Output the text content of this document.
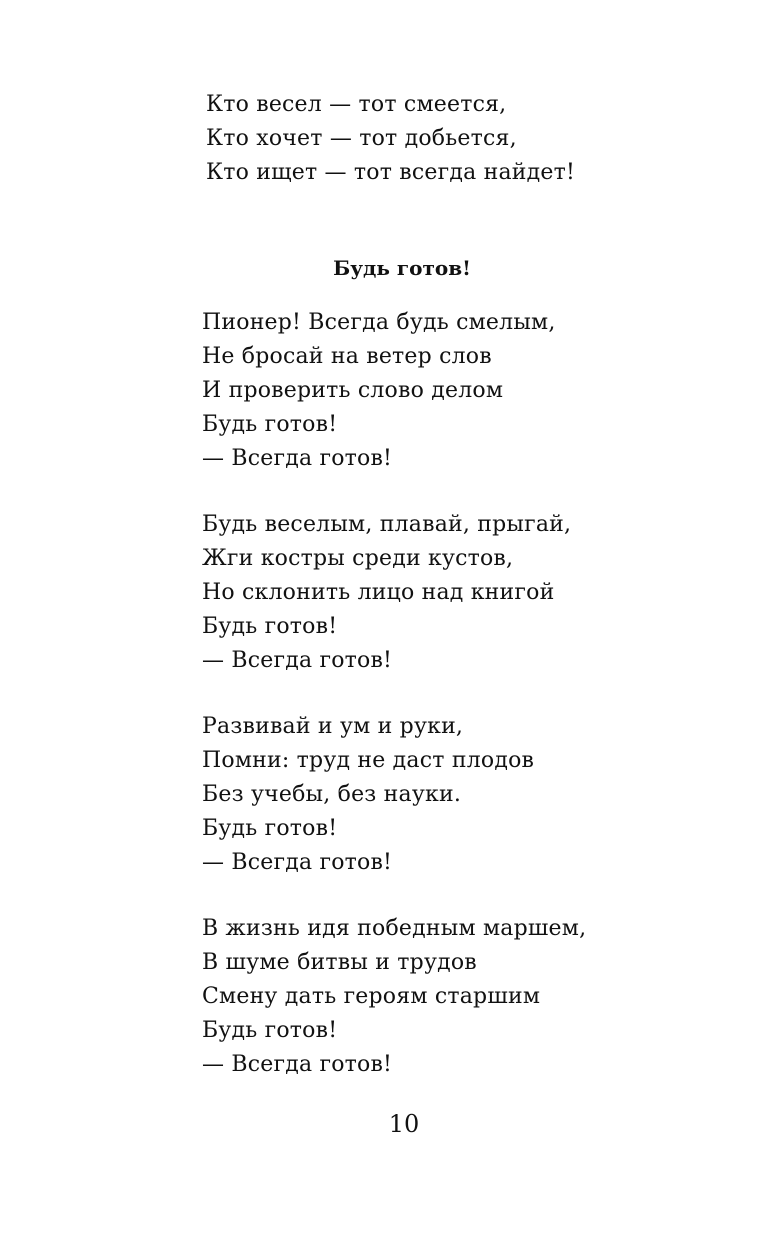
Кто весел — тот смеется,
Кто хочет — тот добьется,
Кто ищет — тот всегда найдет!
Будь готов!
Пионер! Всегда будь смелым,
Не бросай на ветер слов
И проверить слово делом
Будь готов!
— Всегда готов!
Будь веселым, плавай, прыгай,
Жги костры среди кустов,
Но склонить лицо над книгой
Будь готов!
— Всегда готов!
Развивай и ум и руки,
Помни: труд не даст плодов
Без учебы, без науки.
Будь готов!
— Всегда готов!
В жизнь идя победным маршем,
В шуме битвы и трудов
Смену дать героям старшим
Будь готов!
— Всегда готов!
10
